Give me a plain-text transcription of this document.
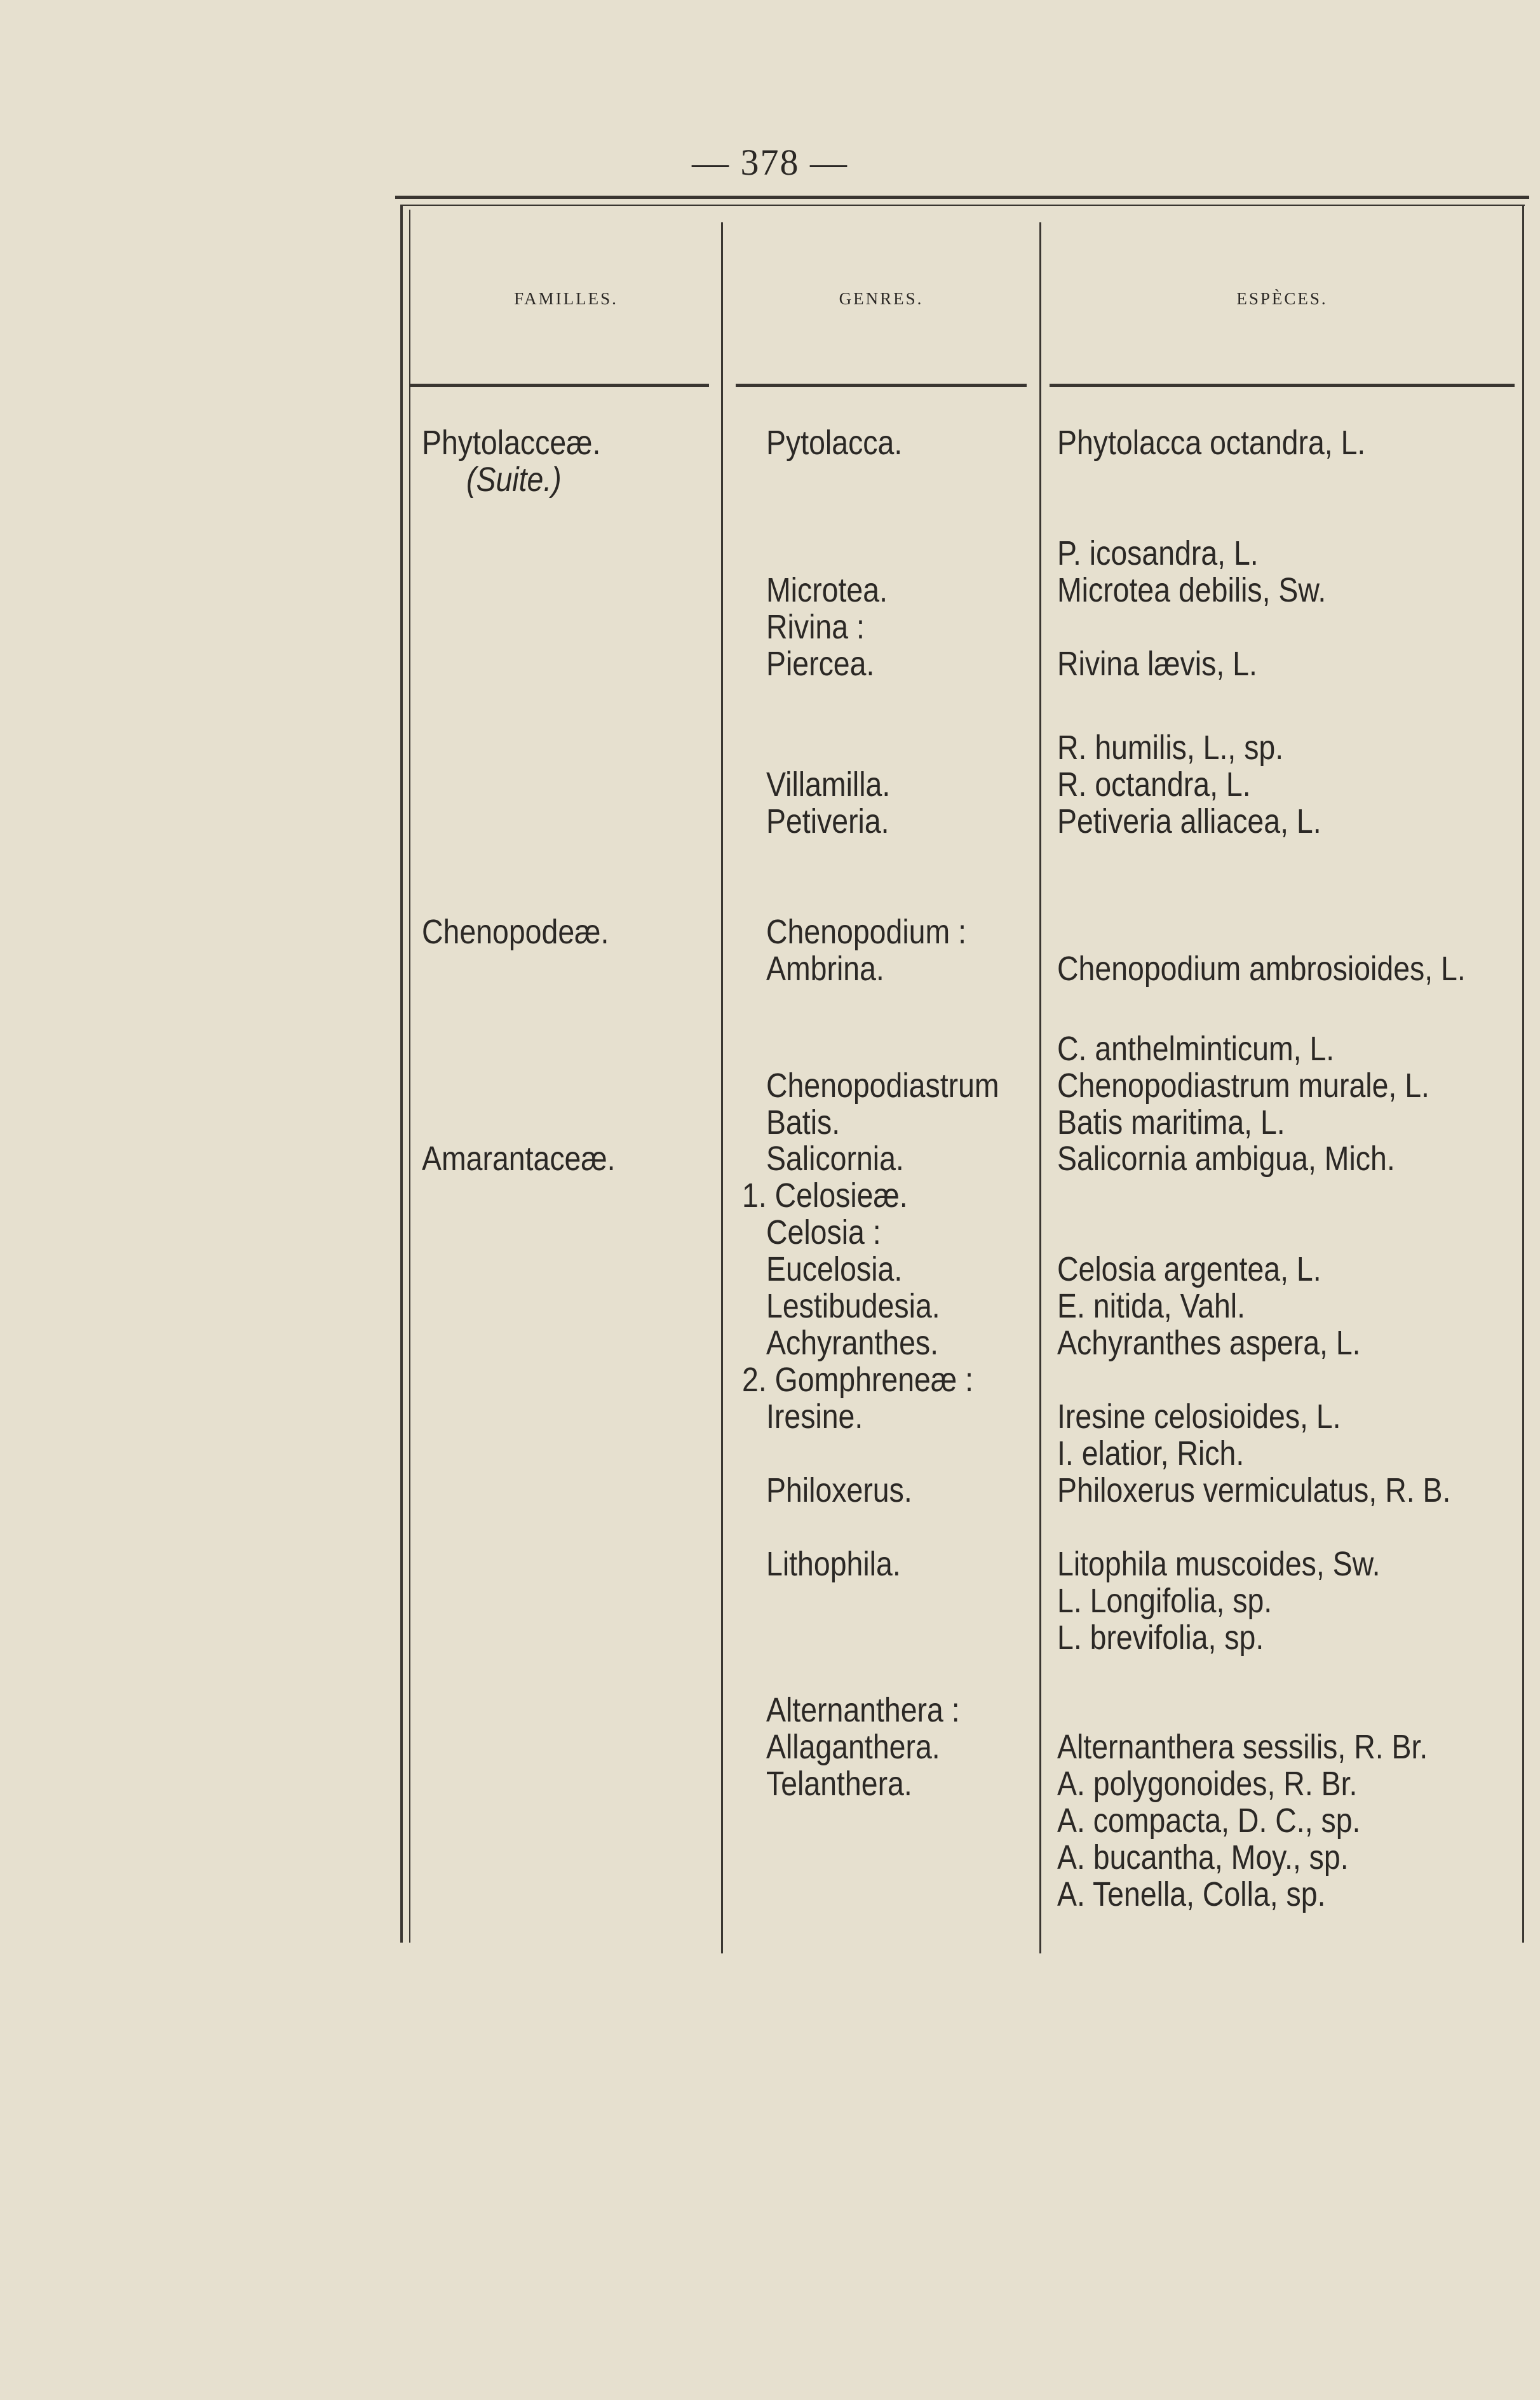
— 378 —
FAMILLES.	GENRES.	ESPÈCES.
Phytolacceæ.
(Suite.)
Chenopodeæ.
Amarantaceæ.
Pytolacca.
Microtea.
Rivina :
Piercea.
Villamilla.
Petiveria.
Chenopodium :
Ambrina.
Chenopodiastrum
Batis.
Salicornia.
1. Celosieæ.
Celosia :
Eucelosia.
Lestibudesia.
Achyranthes.
2. Gomphreneæ :
Iresine.
Philoxerus.
Lithophila.
Alternanthera :
Allaganthera.
Telanthera.
Phytolacca octandra, L.
P. icosandra, L.
Microtea debilis, Sw.
Rivina lævis, L.
R. humilis, L., sp.
R. octandra, L.
Petiveria alliacea, L.
Chenopodium ambrosioides, L.
C. anthelminticum, L.
Chenopodiastrum murale, L.
Batis maritima, L.
Salicornia ambigua, Mich.
Celosia argentea, L.
E. nitida, Vahl.
Achyranthes aspera, L.
Iresine celosioides, L.
I. elatior, Rich.
Philoxerus vermiculatus, R. B.
Litophila muscoides, Sw.
L. Longifolia, sp.
L. brevifolia, sp.
Alternanthera sessilis, R. Br.
A. polygonoides, R. Br.
A. compacta, D. C., sp.
A. bucantha, Moy., sp.
A. Tenella, Colla, sp.
